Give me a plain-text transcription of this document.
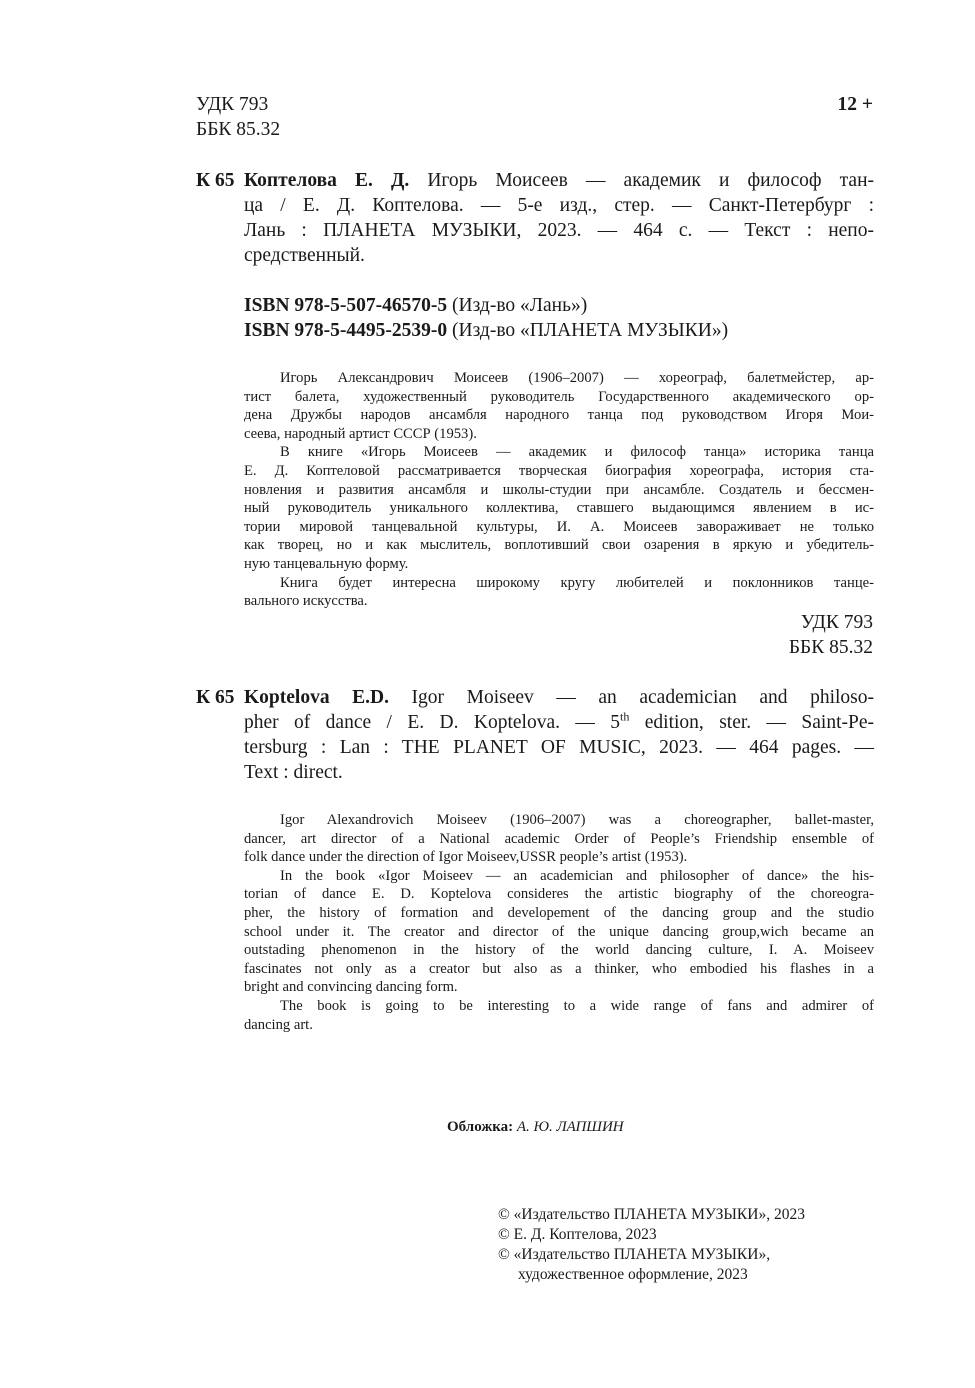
УДК 793
ББК 85.32
12 +
К 65 Коптелова Е. Д. Игорь Моисеев — академик и философ тан-
ца / Е. Д. Коптелова. — 5-е изд., стер. — Санкт-Петербург :
Лань : ПЛАНЕТА МУЗЫКИ, 2023. — 464 с. — Текст : непо-
средственный.
ISBN 978-5-507-46570-5 (Изд-во «Лань»)
ISBN 978-5-4495-2539-0 (Изд-во «ПЛАНЕТА МУЗЫКИ»)
Игорь Александрович Моисеев (1906–2007) — хореограф, балетмейстер, ар-
тист балета, художественный руководитель Государственного академического ор-
дена Дружбы народов ансамбля народного танца под руководством Игоря Мои-
сеева, народный артист СССР (1953).
В книге «Игорь Моисеев — академик и философ танца» историка танца
Е. Д. Коптеловой рассматривается творческая биография хореографа, история ста-
новления и развития ансамбля и школы-студии при ансамбле. Создатель и бессмен-
ный руководитель уникального коллектива, ставшего выдающимся явлением в ис-
тории мировой танцевальной культуры, И. А. Моисеев завораживает не только
как творец, но и как мыслитель, воплотивший свои озарения в яркую и убедитель-
ную танцевальную форму.
Книга будет интересна широкому кругу любителей и поклонников танце-
вального искусства.
УДК 793
ББК 85.32
К 65 Koptelova E.D. Igor Moiseev — an academician and philoso-
pher of dance / E. D. Koptelova. — 5th edition, ster. — Saint-Pe-
tersburg : Lan : THE PLANET OF MUSIC, 2023. — 464 pages. —
Text : direct.
Igor Alexandrovich Moiseev (1906–2007) was a choreographer, ballet-master,
dancer, art director of a National academic Order of People’s Friendship ensemble of
folk dance under the direction of Igor Moiseev,USSR people’s artist (1953).
In the book «Igor Moiseev — an academician and philosopher of dance» the his-
torian of dance E. D. Koptelova consideres the artistic biography of the choreogra-
pher, the history of formation and developement of the dancing group and the studio
school under it. The creator and director of the unique dancing group,wich became an
outstading phenomenon in the history of the world dancing culture, I. A. Moiseev
fascinates not only as a creator but also as a thinker, who embodied his flashes in a
bright and convincing dancing form.
The book is going to be interesting to a wide range of fans and admirer of
dancing art.
Обложка: А. Ю. ЛАПШИН
© «Издательство ПЛАНЕТА МУЗЫКИ», 2023
© Е. Д. Коптелова, 2023
© «Издательство ПЛАНЕТА МУЗЫКИ»,
художественное оформление, 2023
